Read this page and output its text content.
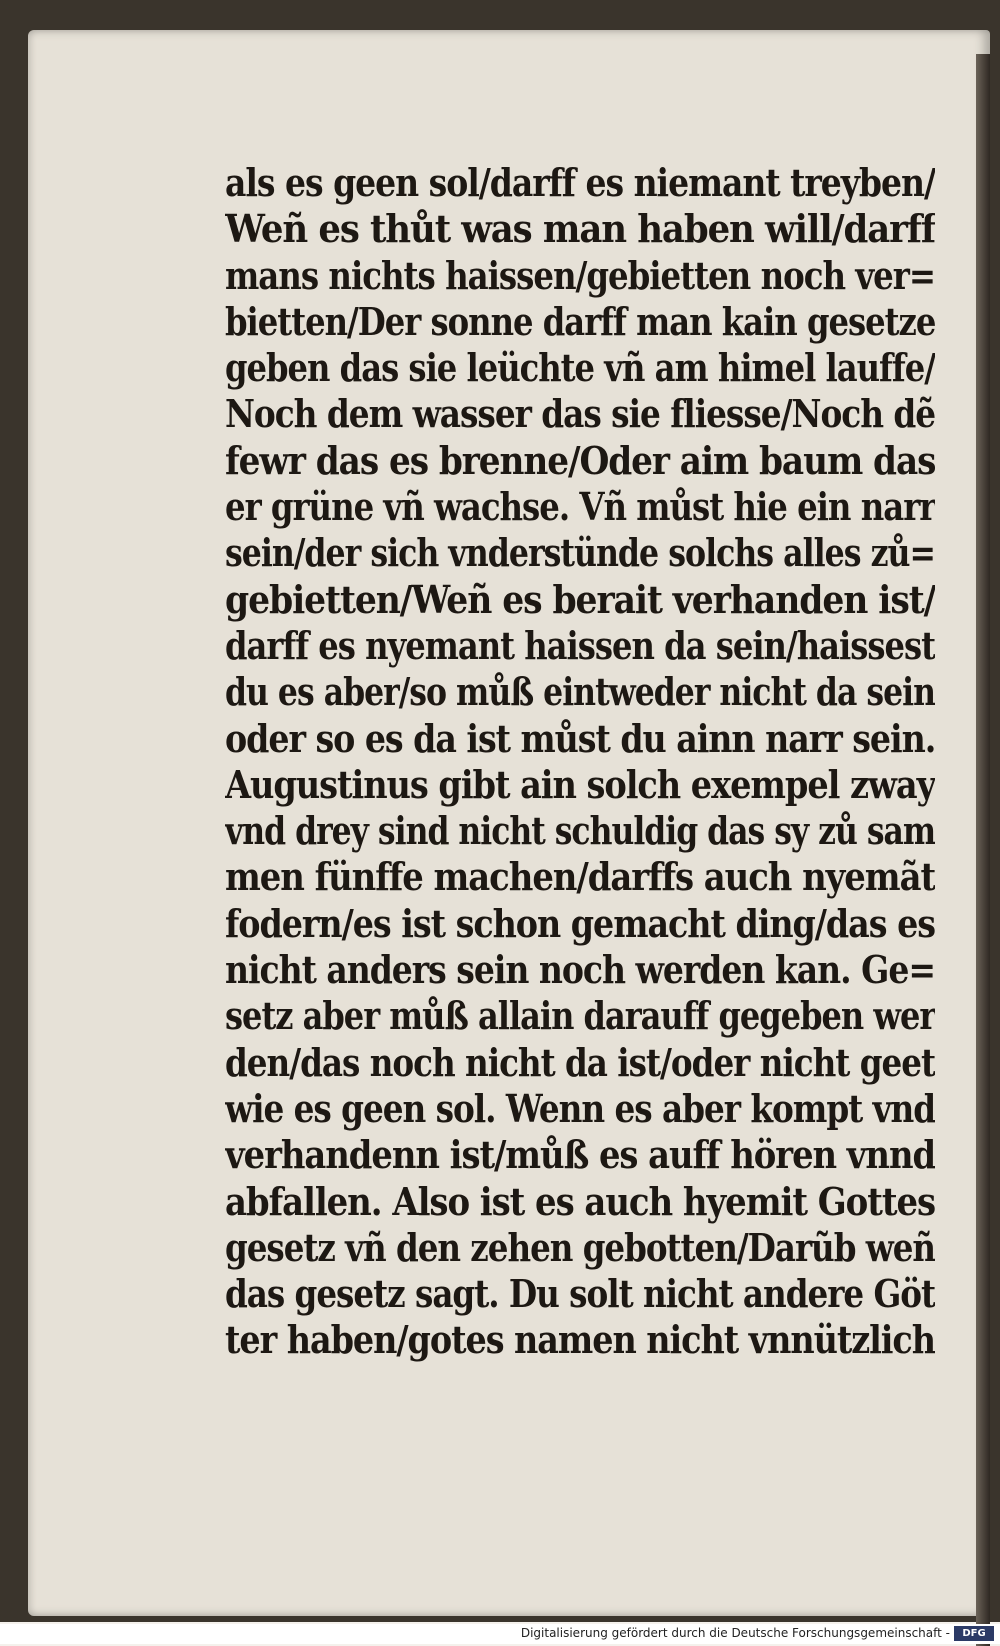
als es geen sol/darff es niemant treyben/
Weñ es thůt was man haben will/darff
mans nichts haissen/gebietten noch ver=
bietten/Der sonne darff man kain gesetze
geben das sie leüchte vñ am himel lauffe/
Noch dem wasser das sie fliesse/Noch dẽ
fewr das es brenne/Oder aim baum das
er grüne vñ wachse. Vñ můst hie ein narr
sein/der sich vnderstünde solchs alles zů=
gebietten/Weñ es berait verhanden ist/
darff es nyemant haissen da sein/haissest
du es aber/so můß eintweder nicht da sein
oder so es da ist můst du ainn narr sein.
Augustinus gibt ain solch exempel zway
vnd drey sind nicht schuldig das sy zů sam
men fünffe machen/darffs auch nyemãt
fodern/es ist schon gemacht ding/das es
nicht anders sein noch werden kan. Ge=
setz aber můß allain darauff gegeben wer
den/das noch nicht da ist/oder nicht geet
wie es geen sol. Wenn es aber kompt vnd
verhandenn ist/můß es auff hören vnnd
abfallen. Also ist es auch hyemit Gottes
gesetz vñ den zehen gebotten/Darũb weñ
das gesetz sagt. Du solt nicht andere Göt
ter haben/gotes namen nicht vnnützlich
Digitalisierung gefördert durch die Deutsche Forschungsgemeinschaft -	DFG
